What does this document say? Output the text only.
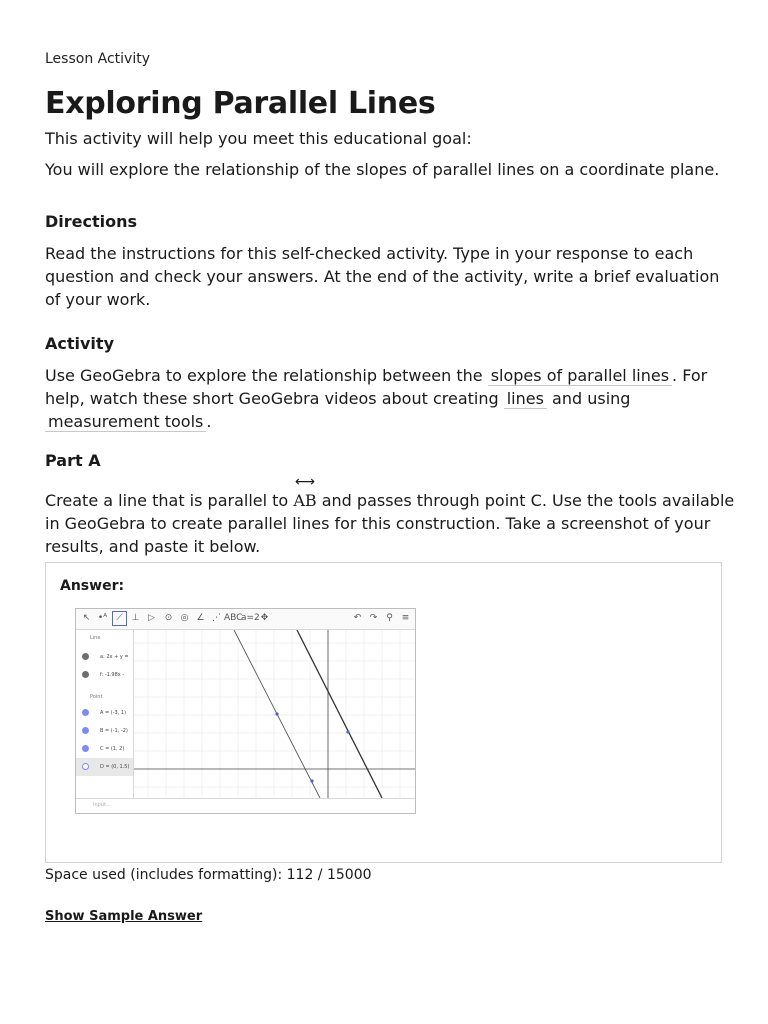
Lesson Activity
Exploring Parallel Lines

This activity will help you meet this educational goal:

You will explore the relationship of the slopes of parallel lines on a coordinate plane.

Directions

Read the instructions for this self-checked activity. Type in your response to each question and check your answers. At the end of the activity, write a brief evaluation of your work.

Activity

Use GeoGebra to explore the relationship between the slopes of parallel lines . For help, watch these short GeoGebra videos about creating lines and using measurement tools .

Part A

Create a line that is parallel to
⟷
AB and passes through point C. Use the tools available in GeoGebra to create parallel lines for this construction. Take a screenshot of your results, and paste it below.

Answer:
↖ •ᴬ	⟋ ⊥ ▷	⊙ ◎ ∠ ⋰ ABC
a=2 ✥	↶ ↷ ⚲ ≡
Line
a: 2x + y =
f: -1.98x -
Point
A = (-3, 1)
B = (-1, -2)
C = (1, 2)
D = (0, 1.5)
Input...
Space used (includes formatting): 112 / 15000
Show Sample Answer
